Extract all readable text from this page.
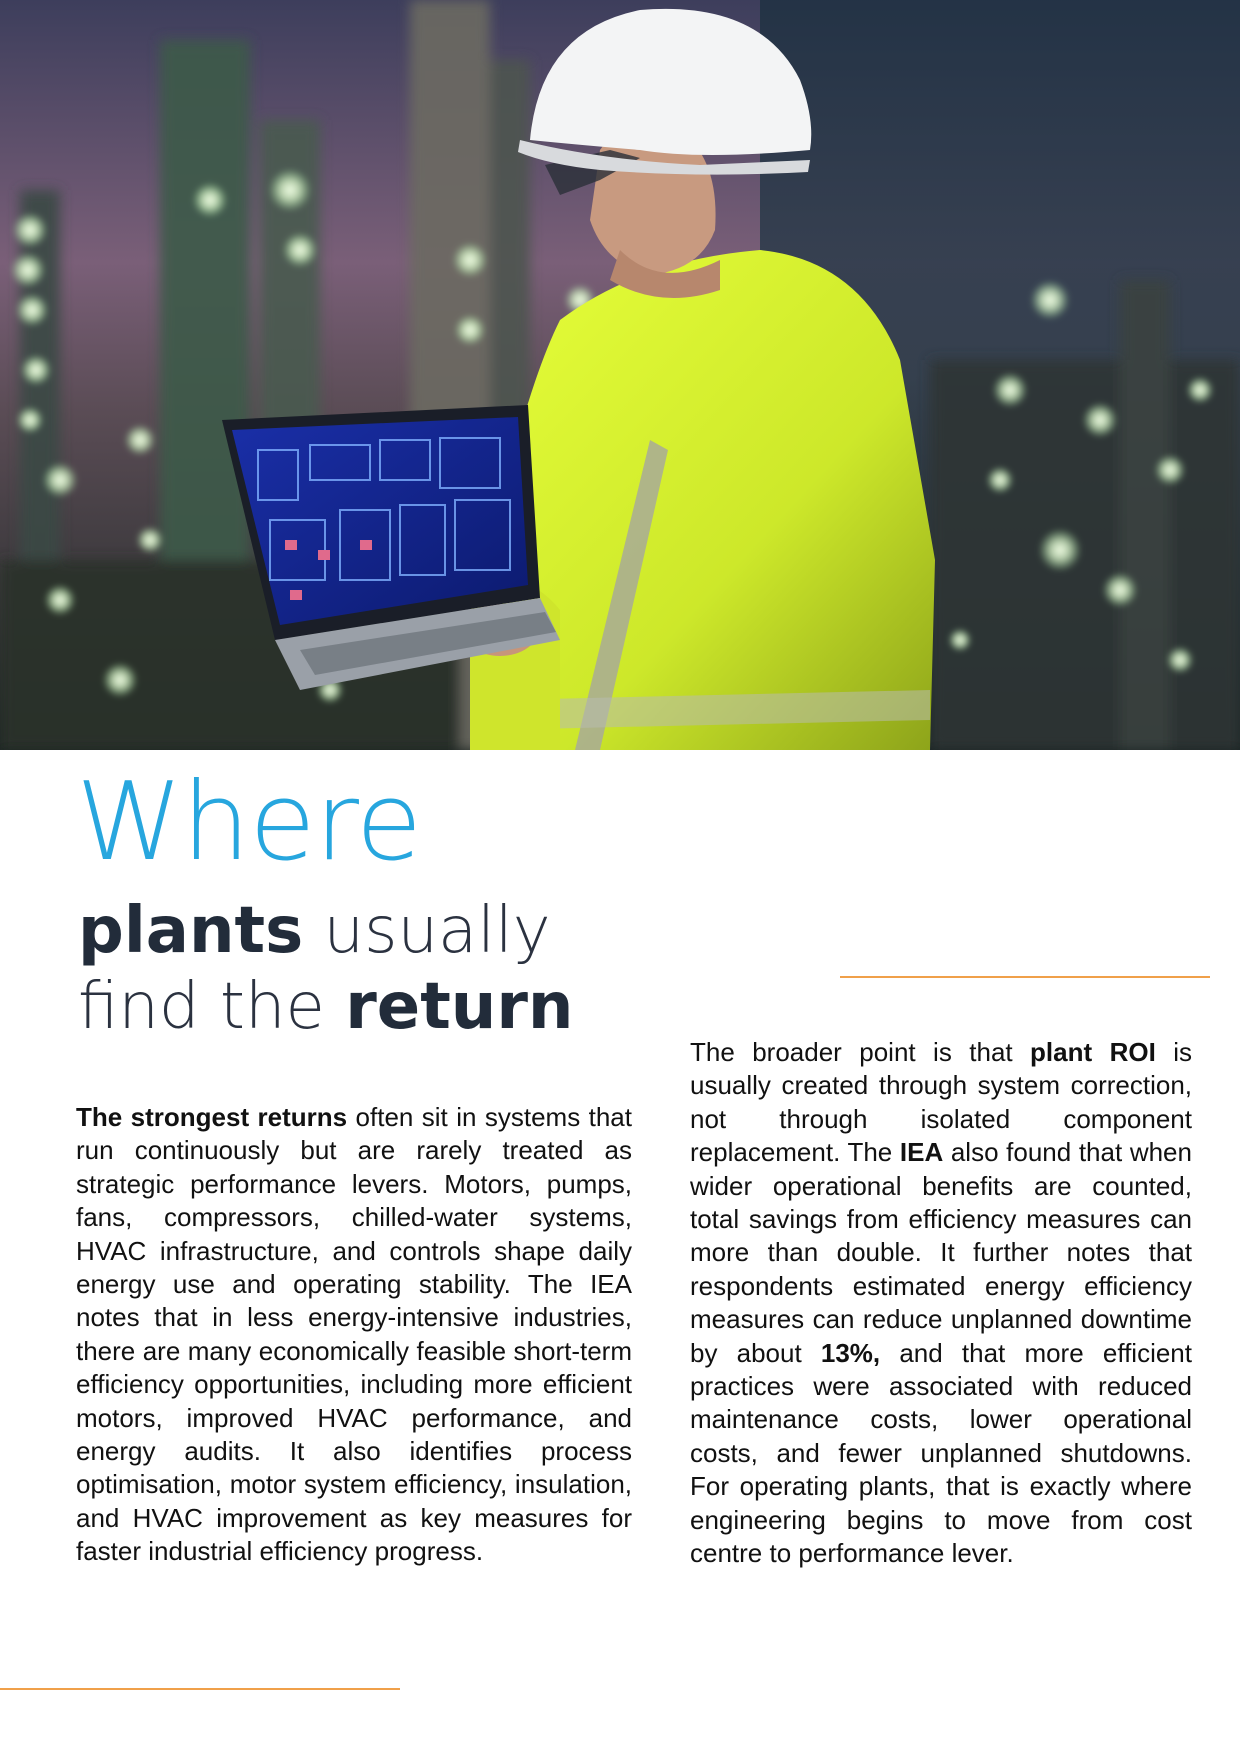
Where
plants usually
find the return

The strongest returns often sit in systems that run continuously but are rarely treated as strategic performance levers. Motors, pumps, fans, compressors, chilled-water systems, HVAC infrastructure, and controls shape daily energy use and operating stability. The IEA notes that in less energy-intensive industries, there are many economically feasible short-term efficiency opportunities, including more efficient motors, improved HVAC performance, and energy audits. It also identifies process optimisation, motor system efficiency, insulation, and HVAC improvement as key measures for faster industrial efficiency progress.

The broader point is that plant ROI is usually created through system correction, not through isolated component replacement. The IEA also found that when wider operational benefits are counted, total savings from efficiency measures can more than double. It further notes that respondents estimated energy efficiency measures can reduce unplanned downtime by about 13%, and that more efficient practices were associated with reduced maintenance costs, lower operational costs, and fewer unplanned shutdowns. For operating plants, that is exactly where engineering begins to move from cost centre to performance lever.
